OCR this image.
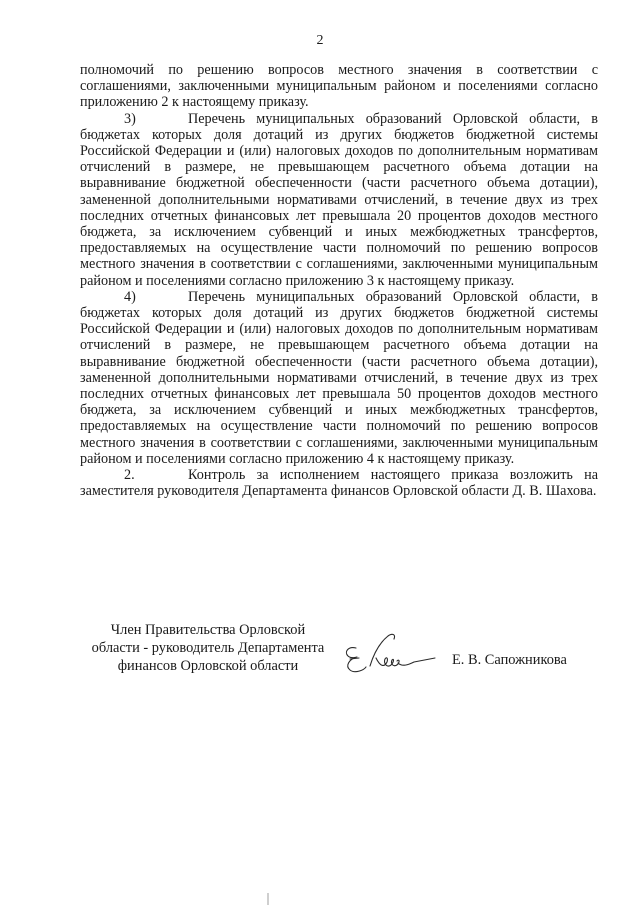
2

полномочий по решению вопросов местного значения в соответствии с соглашениями, заключенными муниципальным районом и поселениями согласно приложению 2 к настоящему приказу.

3)	Перечень муниципальных образований Орловской области, в бюджетах которых доля дотаций из других бюджетов бюджетной системы Российской Федерации и (или) налоговых доходов по дополнительным нормативам отчислений в размере, не превышающем расчетного объема дотации на выравнивание бюджетной обеспеченности (части расчетного объема дотации), замененной дополнительными нормативами отчислений, в течение двух из трех последних отчетных финансовых лет превышала 20 процентов доходов местного бюджета, за исключением субвенций и иных межбюджетных трансфертов, предоставляемых на осуществление части полномочий по решению вопросов местного значения в соответствии с соглашениями, заключенными муниципальным районом и поселениями согласно приложению 3 к настоящему приказу.

4)	Перечень муниципальных образований Орловской области, в бюджетах которых доля дотаций из других бюджетов бюджетной системы Российской Федерации и (или) налоговых доходов по дополнительным нормативам отчислений в размере, не превышающем расчетного объема дотации на выравнивание бюджетной обеспеченности (части расчетного объема дотации), замененной дополнительными нормативами отчислений, в течение двух из трех последних отчетных финансовых лет превышала 50 процентов доходов местного бюджета, за исключением субвенций и иных межбюджетных трансфертов, предоставляемых на осуществление части полномочий по решению вопросов местного значения в соответствии с соглашениями, заключенными муниципальным районом и поселениями согласно приложению 4 к настоящему приказу.

2.	Контроль за исполнением настоящего приказа возложить на заместителя руководителя Департамента финансов Орловской области Д. В. Шахова.

Член Правительства Орловской
области - руководитель Департамента
финансов Орловской области	Е. В. Сапожникова
